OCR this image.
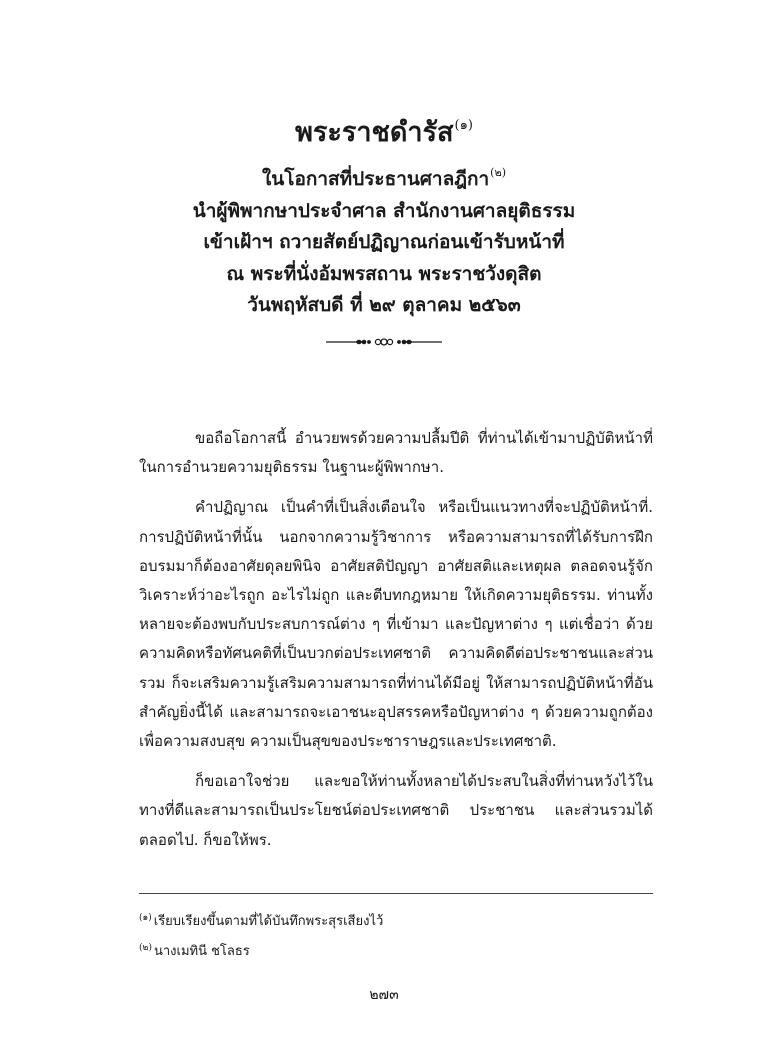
พระราชดำรัส$^{(๑)}$
ในโอกาสที่ประธานศาลฎีกา$^{(๒)}$
นำผู้พิพากษาประจำศาล สำนักงานศาลยุติธรรม
เข้าเฝ้าฯ ถวายสัตย์ปฏิญาณก่อนเข้ารับหน้าที่
ณ พระที่นั่งอัมพรสถาน พระราชวังดุสิต
วันพฤหัสบดี ที่ ๒๙ ตุลาคม ๒๕๖๓

ขอถือโอกาสนี้ อำนวยพรด้วยความปลื้มปีติ ที่ท่านได้เข้ามาปฏิบัติหน้าที่ในการอำนวยความยุติธรรม ในฐานะผู้พิพากษา.

คำปฏิญาณ เป็นคำที่เป็นสิ่งเตือนใจ หรือเป็นแนวทางที่จะปฏิบัติหน้าที่. การปฏิบัติหน้าที่นั้น นอกจากความรู้วิชาการ หรือความสามารถที่ได้รับการฝึกอบรมมาก็ต้องอาศัยดุลยพินิจ อาศัยสติปัญญา อาศัยสติและเหตุผล ตลอดจนรู้จักวิเคราะห์ว่าอะไรถูก อะไรไม่ถูก และตีบทกฎหมาย ให้เกิดความยุติธรรม. ท่านทั้งหลายจะต้องพบกับประสบการณ์ต่าง ๆ ที่เข้ามา และปัญหาต่าง ๆ แต่เชื่อว่า ด้วยความคิดหรือทัศนคติที่เป็นบวกต่อประเทศชาติ ความคิดดีต่อประชาชนและส่วนรวม ก็จะเสริมความรู้เสริมความสามารถที่ท่านได้มีอยู่ ให้สามารถปฏิบัติหน้าที่อันสำคัญยิ่งนี้ได้ และสามารถจะเอาชนะอุปสรรคหรือปัญหาต่าง ๆ ด้วยความถูกต้อง เพื่อความสงบสุข ความเป็นสุขของประชาราษฎรและประเทศชาติ.

ก็ขอเอาใจช่วย และขอให้ท่านทั้งหลายได้ประสบในสิ่งที่ท่านหวังไว้ในทางที่ดีและสามารถเป็นประโยชน์ต่อประเทศชาติ ประชาชน และส่วนรวมได้ตลอดไป. ก็ขอให้พร.

$^{(๑)}$ เรียบเรียงขึ้นตามที่ได้บันทึกพระสุรเสียงไว้
$^{(๒)}$ นางเมทินี ชโลธร
๒๗๓
